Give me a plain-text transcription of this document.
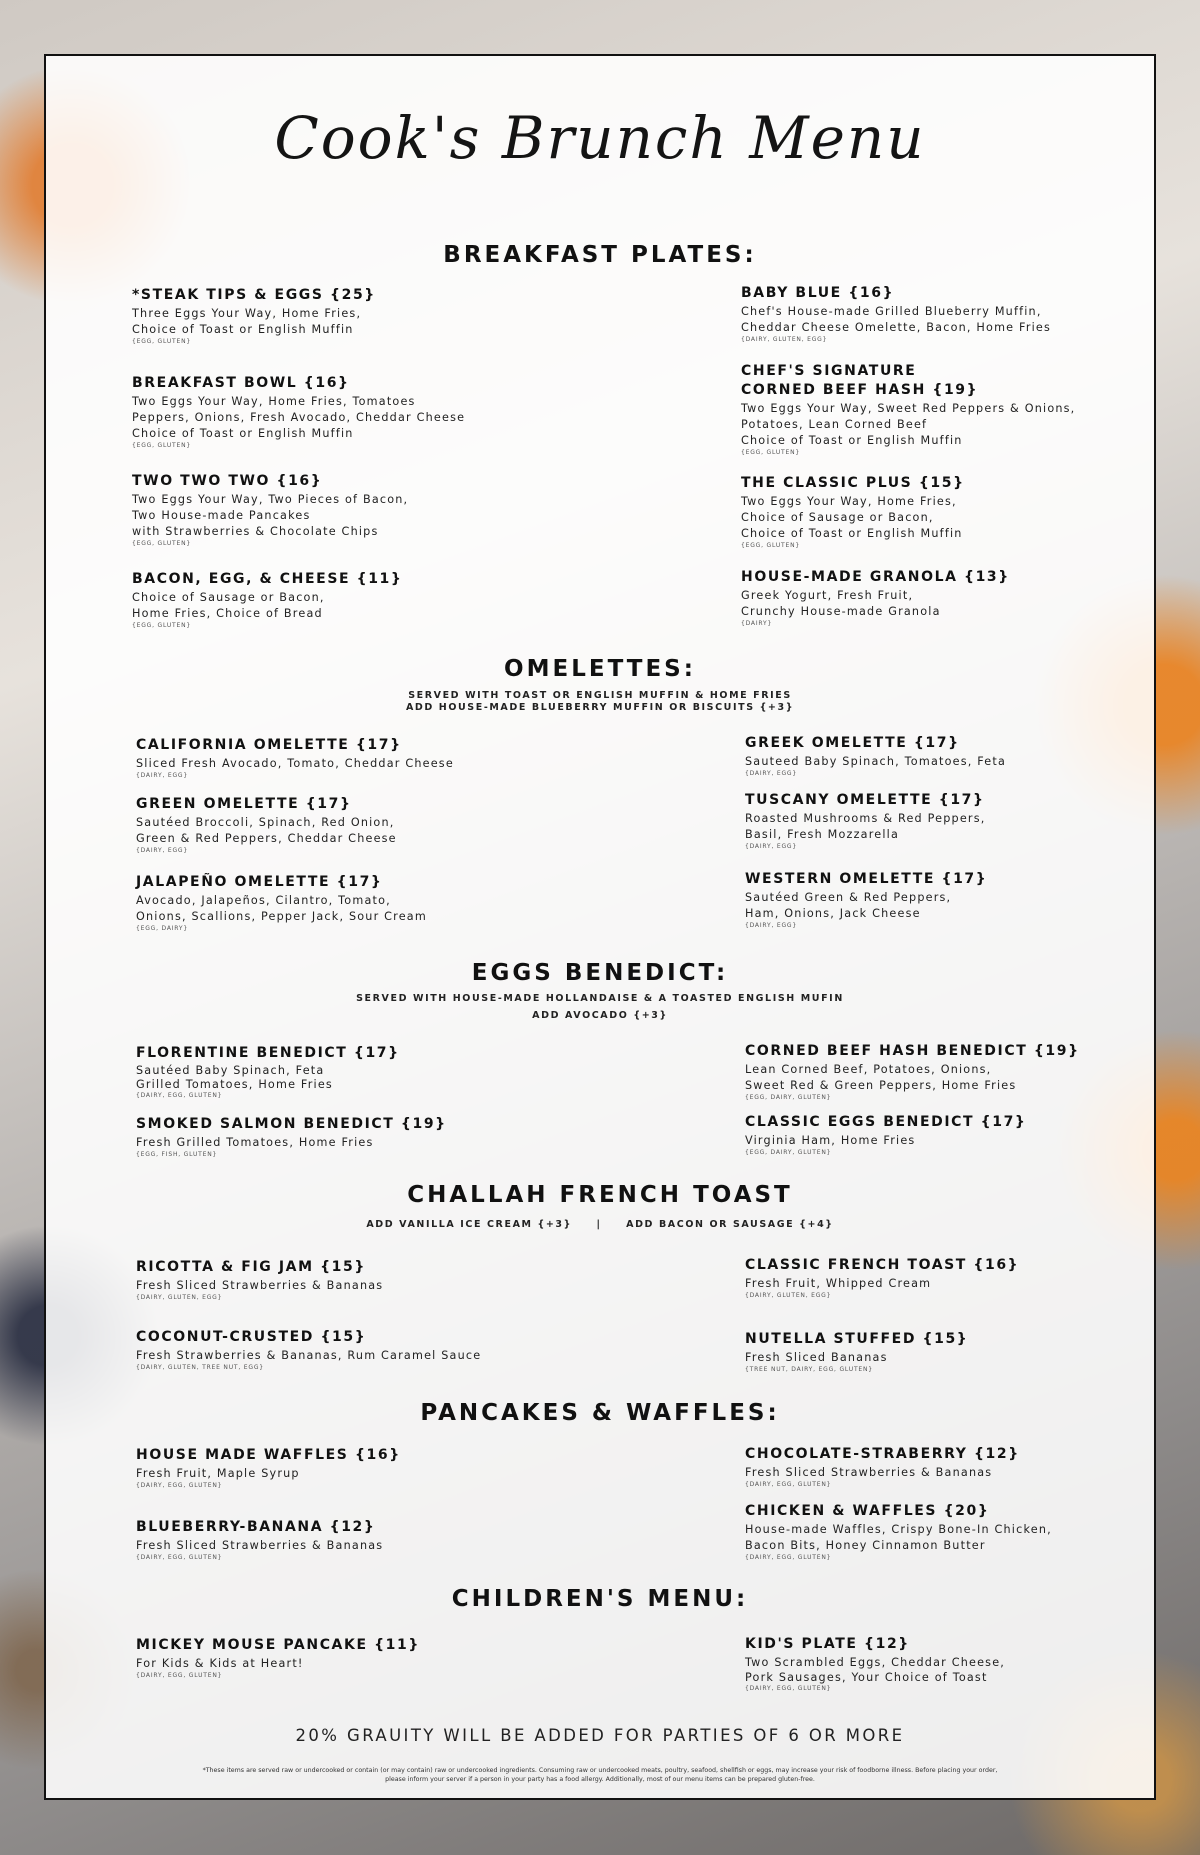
Cook's Brunch Menu
BREAKFAST PLATES:
*STEAK TIPS & EGGS {25}
Three Eggs Your Way, Home Fries,
Choice of Toast or English Muffin
{EGG, GLUTEN}
BREAKFAST BOWL {16}
Two Eggs Your Way, Home Fries, Tomatoes
Peppers, Onions, Fresh Avocado, Cheddar Cheese
Choice of Toast or English Muffin
{EGG, GLUTEN}
TWO TWO TWO {16}
Two Eggs Your Way, Two Pieces of Bacon,
Two House-made Pancakes
with Strawberries & Chocolate Chips
{EGG, GLUTEN}
BACON, EGG, & CHEESE {11}
Choice of Sausage or Bacon,
Home Fries, Choice of Bread
{EGG, GLUTEN}
BABY BLUE {16}
Chef's House-made Grilled Blueberry Muffin,
Cheddar Cheese Omelette, Bacon, Home Fries
{DAIRY, GLUTEN, EGG}
CHEF'S SIGNATURE
CORNED BEEF HASH {19}
Two Eggs Your Way, Sweet Red Peppers & Onions,
Potatoes, Lean Corned Beef
Choice of Toast or English Muffin
{EGG, GLUTEN}
THE CLASSIC PLUS {15}
Two Eggs Your Way, Home Fries,
Choice of Sausage or Bacon,
Choice of Toast or English Muffin
{EGG, GLUTEN}
HOUSE-MADE GRANOLA {13}
Greek Yogurt, Fresh Fruit,
Crunchy House-made Granola
{DAIRY}
OMELETTES:
SERVED WITH TOAST OR ENGLISH MUFFIN & HOME FRIES
ADD HOUSE-MADE BLUEBERRY MUFFIN OR BISCUITS {+3}
CALIFORNIA OMELETTE {17}
Sliced Fresh Avocado, Tomato, Cheddar Cheese
{DAIRY, EGG}
GREEN OMELETTE {17}
Sautéed Broccoli, Spinach, Red Onion,
Green & Red Peppers, Cheddar Cheese
{DAIRY, EGG}
JALAPEÑO OMELETTE {17}
Avocado, Jalapeños, Cilantro, Tomato,
Onions, Scallions, Pepper Jack, Sour Cream
{EGG, DAIRY}
GREEK OMELETTE {17}
Sauteed Baby Spinach, Tomatoes, Feta
{DAIRY, EGG}
TUSCANY OMELETTE {17}
Roasted Mushrooms & Red Peppers,
Basil, Fresh Mozzarella
{DAIRY, EGG}
WESTERN OMELETTE {17}
Sautéed Green & Red Peppers,
Ham, Onions, Jack Cheese
{DAIRY, EGG}
EGGS BENEDICT:
SERVED WITH HOUSE-MADE HOLLANDAISE & A TOASTED ENGLISH MUFIN
ADD AVOCADO {+3}
FLORENTINE BENEDICT {17}
Sautéed Baby Spinach, Feta
Grilled Tomatoes, Home Fries
{DAIRY, EGG, GLUTEN}
SMOKED SALMON BENEDICT {19}
Fresh Grilled Tomatoes, Home Fries
{EGG, FISH, GLUTEN}
CORNED BEEF HASH BENEDICT {19}
Lean Corned Beef, Potatoes, Onions,
Sweet Red & Green Peppers, Home Fries
{EGG, DAIRY, GLUTEN}
CLASSIC EGGS BENEDICT {17}
Virginia Ham, Home Fries
{EGG, DAIRY, GLUTEN}
CHALLAH FRENCH TOAST
ADD VANILLA ICE CREAM {+3}     |     ADD BACON OR SAUSAGE {+4}
RICOTTA & FIG JAM {15}
Fresh Sliced Strawberries & Bananas
{DAIRY, GLUTEN, EGG}
COCONUT-CRUSTED {15}
Fresh Strawberries & Bananas, Rum Caramel Sauce
{DAIRY, GLUTEN, TREE NUT, EGG}
CLASSIC FRENCH TOAST {16}
Fresh Fruit, Whipped Cream
{DAIRY, GLUTEN, EGG}
NUTELLA STUFFED {15}
Fresh Sliced Bananas
{TREE NUT, DAIRY, EGG, GLUTEN}
PANCAKES & WAFFLES:
HOUSE MADE WAFFLES {16}
Fresh Fruit, Maple Syrup
{DAIRY, EGG, GLUTEN}
BLUEBERRY-BANANA {12}
Fresh Sliced Strawberries & Bananas
{DAIRY, EGG, GLUTEN}
CHOCOLATE-STRABERRY {12}
Fresh Sliced Strawberries & Bananas
{DAIRY, EGG, GLUTEN}
CHICKEN & WAFFLES {20}
House-made Waffles, Crispy Bone-In Chicken,
Bacon Bits, Honey Cinnamon Butter
{DAIRY, EGG, GLUTEN}
CHILDREN'S MENU:
MICKEY MOUSE PANCAKE {11}
For Kids & Kids at Heart!
{DAIRY, EGG, GLUTEN}
KID'S PLATE {12}
Two Scrambled Eggs, Cheddar Cheese,
Pork Sausages, Your Choice of Toast
{DAIRY, EGG, GLUTEN}
20% GRAUITY WILL BE ADDED FOR PARTIES OF 6 OR MORE
*These items are served raw or undercooked or contain (or may contain) raw or undercooked ingredients. Consuming raw or undercooked meats, poultry, seafood, shellfish or eggs, may increase your risk of foodborne illness. Before placing your order, please inform your server if a person in your party has a food allergy. Additionally, most of our menu items can be prepared gluten-free.
